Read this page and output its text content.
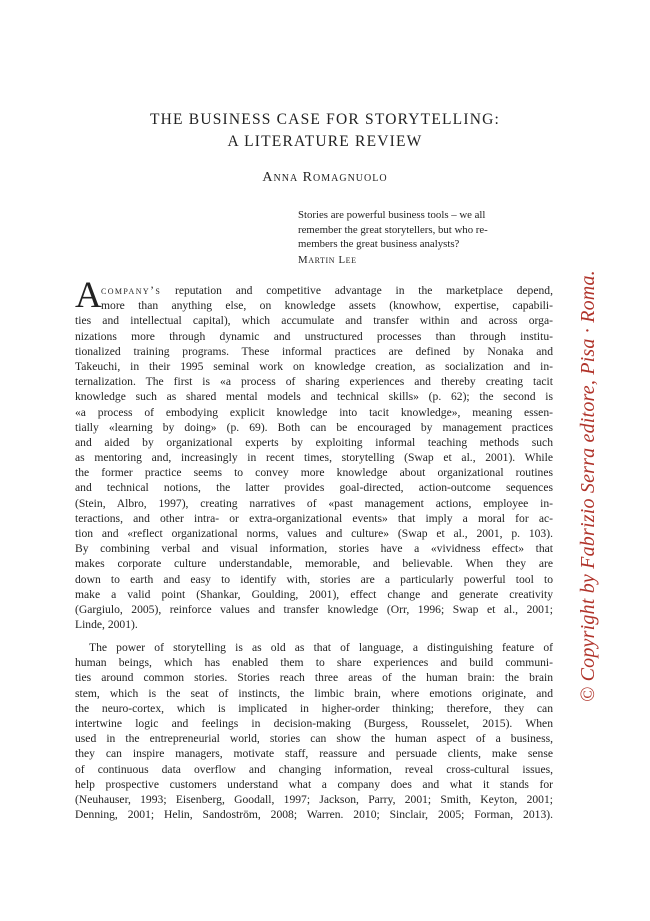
THE BUSINESS CASE FOR STORYTELLING:
A LITERATURE REVIEW
Anna Romagnuolo
Stories are powerful business tools – we all
remember the great storytellers, but who re-
members the great business analysts?
Martin Lee
A company’s reputation and competitive advantage in the marketplace depend,
more than anything else, on knowledge assets (knowhow, expertise, capabili-
ties and intellectual capital), which accumulate and transfer within and across orga-
nizations more through dynamic and unstructured processes than through institu-
tionalized training programs. These informal practices are defined by Nonaka and
Takeuchi, in their 1995 seminal work on knowledge creation, as socialization and in-
ternalization. The first is «a process of sharing experiences and thereby creating tacit
knowledge such as shared mental models and technical skills» (p. 62); the second is
«a process of embodying explicit knowledge into tacit knowledge», meaning essen-
tially «learning by doing» (p. 69). Both can be encouraged by management practices
and aided by organizational experts by exploiting informal teaching methods such
as mentoring and, increasingly in recent times, storytelling (Swap et al., 2001). While
the former practice seems to convey more knowledge about organizational routines
and technical notions, the latter provides goal-directed, action-outcome sequences
(Stein, Albro, 1997), creating narratives of «past management actions, employee in-
teractions, and other intra- or extra-organizational events» that imply a moral for ac-
tion and «reflect organizational norms, values and culture» (Swap et al., 2001, p. 103).
By combining verbal and visual information, stories have a «vividness effect» that
makes corporate culture understandable, memorable, and believable. When they are
down to earth and easy to identify with, stories are a particularly powerful tool to
make a valid point (Shankar, Goulding, 2001), effect change and generate creativity
(Gargiulo, 2005), reinforce values and transfer knowledge (Orr, 1996; Swap et al., 2001;
Linde, 2001).
The power of storytelling is as old as that of language, a distinguishing feature of
human beings, which has enabled them to share experiences and build communi-
ties around common stories. Stories reach three areas of the human brain: the brain
stem, which is the seat of instincts, the limbic brain, where emotions originate, and
the neuro-cortex, which is implicated in higher-order thinking; therefore, they can
intertwine logic and feelings in decision-making (Burgess, Rousselet, 2015). When
used in the entrepreneurial world, stories can show the human aspect of a business,
they can inspire managers, motivate staff, reassure and persuade clients, make sense
of continuous data overflow and changing information, reveal cross-cultural issues,
help prospective customers understand what a company does and what it stands for
(Neuhauser, 1993; Eisenberg, Goodall, 1997; Jackson, Parry, 2001; Smith, Keyton, 2001;
Denning, 2001; Helin, Sandoström, 2008; Warren. 2010; Sinclair, 2005; Forman, 2013).
© Copyright by Fabrizio Serra editore, Pisa · Roma.
